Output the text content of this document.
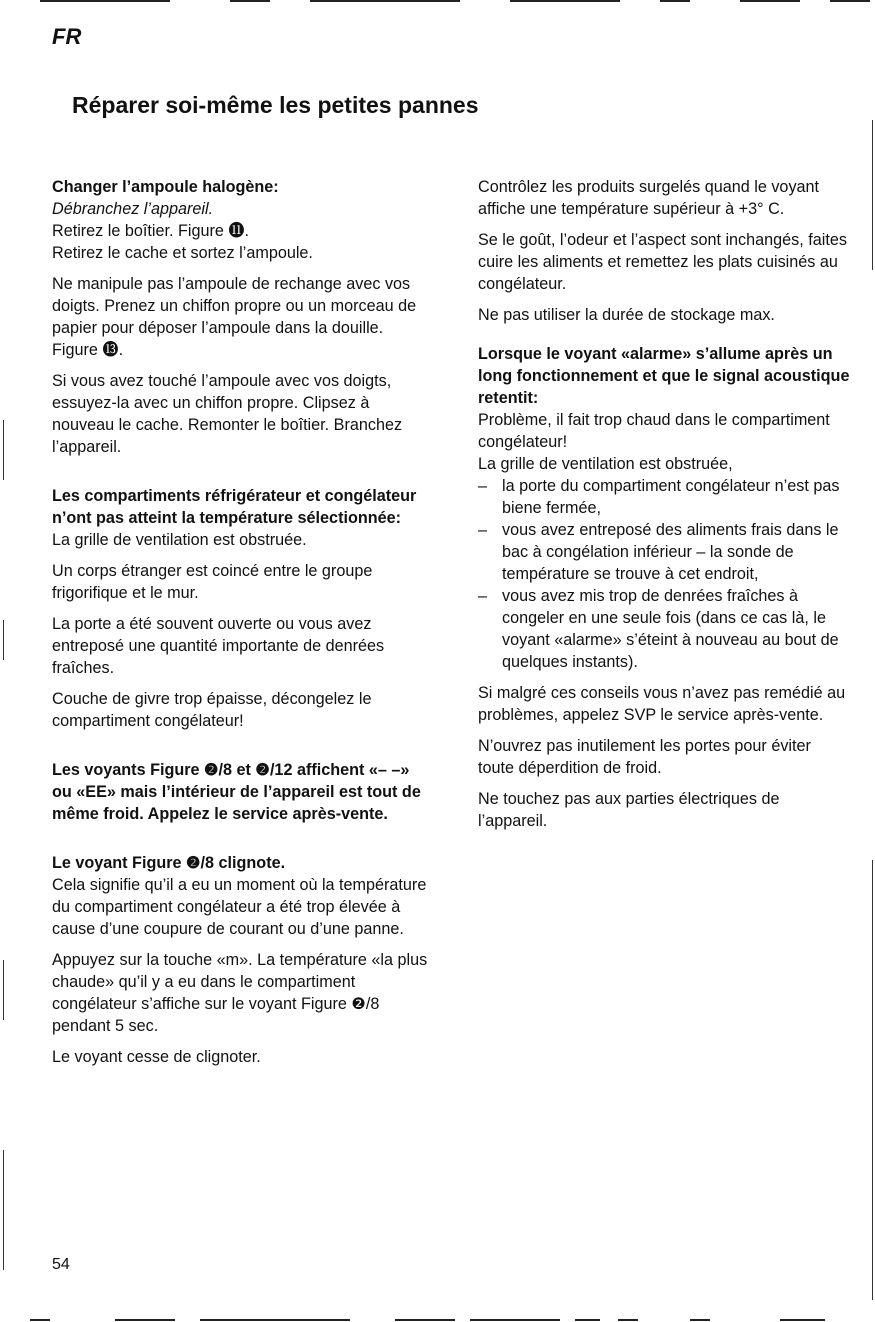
FR
Réparer soi-même les petites pannes

Changer l’ampoule halogène:
Débranchez l’appareil.
Retirez le boîtier. Figure ⓫.
Retirez le cache et sortez l’ampoule.

Ne manipule pas l’ampoule de rechange avec vos doigts. Prenez un chiffon propre ou un morceau de papier pour déposer l’ampoule dans la douille. Figure ⓭.

Si vous avez touché l’ampoule avec vos doigts, essuyez-la avec un chiffon propre. Clipsez à nouveau le cache. Remonter le boîtier. Branchez l’appareil.

Les compartiments réfrigérateur et congélateur n’ont pas atteint la température sélectionnée:
La grille de ventilation est obstruée.

Un corps étranger est coincé entre le groupe frigorifique et le mur.

La porte a été souvent ouverte ou vous avez entreposé une quantité importante de denrées fraîches.

Couche de givre trop épaisse, décongelez le compartiment congélateur!

Les voyants Figure ❷/8 et ❷/12 affichent «– –» ou «EE» mais l’intérieur de l’appareil est tout de même froid. Appelez le service après-vente.

Le voyant Figure ❷/8 clignote.
Cela signifie qu’il a eu un moment où la température du compartiment congélateur a été trop élevée à cause d’une coupure de courant ou d’une panne.

Appuyez sur la touche «m». La température «la plus chaude» qu’il y a eu dans le compartiment congélateur s’affiche sur le voyant Figure ❷/8 pendant 5 sec.

Le voyant cesse de clignoter.

Contrôlez les produits surgelés quand le voyant affiche une température supérieur à +3° C.

Se le goût, l’odeur et l’aspect sont inchangés, faites cuire les aliments et remettez les plats cuisinés au congélateur.

Ne pas utiliser la durée de stockage max.

Lorsque le voyant «alarme» s’allume après un long fonctionnement et que le signal acoustique retentit:
Problème, il fait trop chaud dans le compartiment congélateur!
La grille de ventilation est obstruée,

– la porte du compartiment congélateur n’est pas biene fermée,
– vous avez entreposé des aliments frais dans le bac à congélation inférieur – la sonde de température se trouve à cet endroit,
– vous avez mis trop de denrées fraîches à congeler en une seule fois (dans ce cas là, le voyant «alarme» s’éteint à nouveau au bout de quelques instants).

Si malgré ces conseils vous n’avez pas remédié au problèmes, appelez SVP le service après-vente.

N’ouvrez pas inutilement les portes pour éviter toute déperdition de froid.

Ne touchez pas aux parties électriques de l’appareil.

54
